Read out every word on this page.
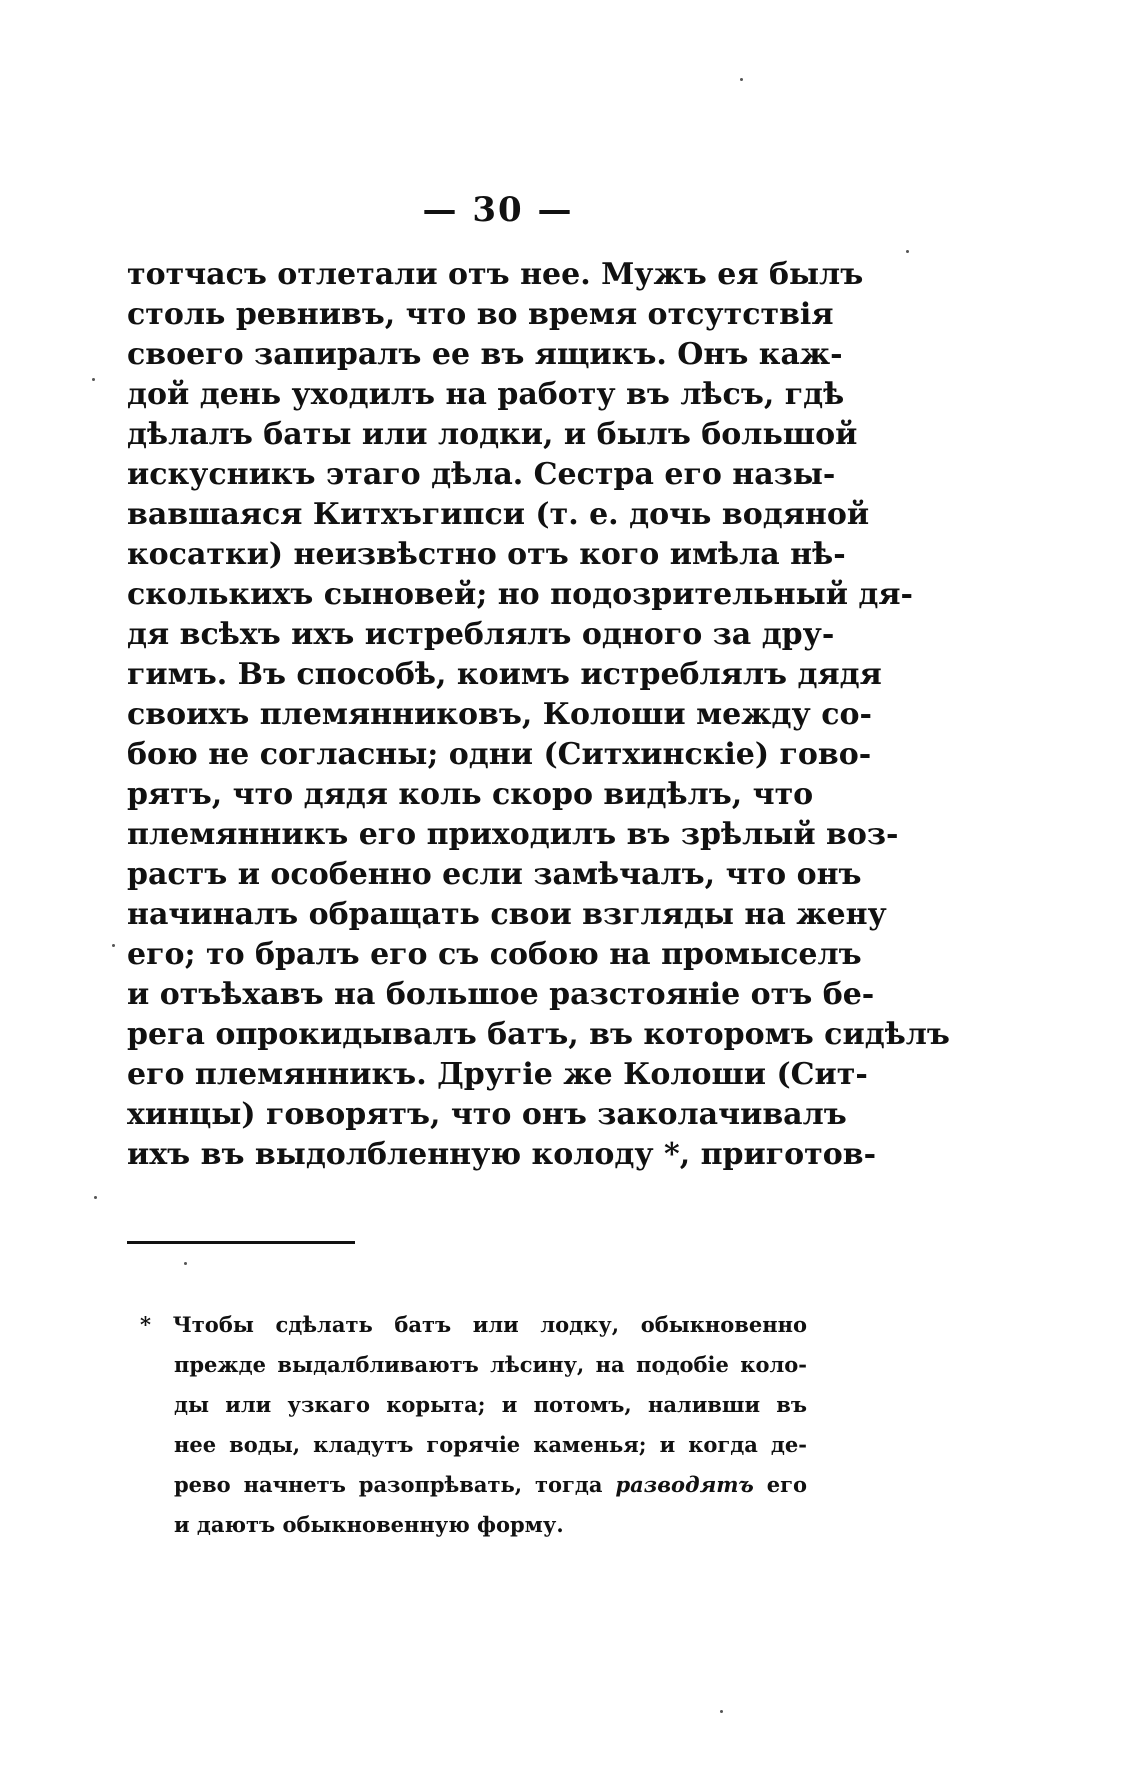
— 30 —
тотчасъ отлетали отъ нее. Мужъ ея былъ
столь ревнивъ, что во время отсутствія
своего запиралъ ее въ ящикъ. Онъ каж-
дой день уходилъ на работу въ лѣсъ, гдѣ
дѣлалъ баты или лодки, и былъ большой
искусникъ этаго дѣла. Сестра его назы-
вавшаяся Китхъгипси (т. е. дочь водяной
косатки) неизвѣстно отъ кого имѣла нѣ-
сколькихъ сыновей; но подозрительный дя-
дя всѣхъ ихъ истреблялъ одного за дру-
гимъ. Въ способѣ, коимъ истреблялъ дядя
своихъ племянниковъ, Колоши между со-
бою не согласны; одни (Ситхинскіе) гово-
рятъ, что дядя коль скоро видѣлъ, что
племянникъ его приходилъ въ зрѣлый воз-
растъ и особенно если замѣчалъ, что онъ
начиналъ обращать свои взгляды на жену
его; то бралъ его съ собою на промыселъ
и отъѣхавъ на большое разстояніе отъ бе-
рега опрокидывалъ батъ, въ которомъ сидѣлъ
его племянникъ. Другіе же Колоши (Сит-
хинцы) говорятъ, что онъ заколачивалъ
ихъ въ выдолбленную колоду *, приготов-
* Чтобы сдѣлать батъ или лодку, обыкновенно
прежде выдалбливаютъ лѣсину, на подобіе коло-
ды или узкаго корыта; и потомъ, наливши въ
нее воды, кладутъ горячіе каменья; и когда де-
рево начнетъ разопрѣвать, тогда разводятъ его
и даютъ обыкновенную форму.
